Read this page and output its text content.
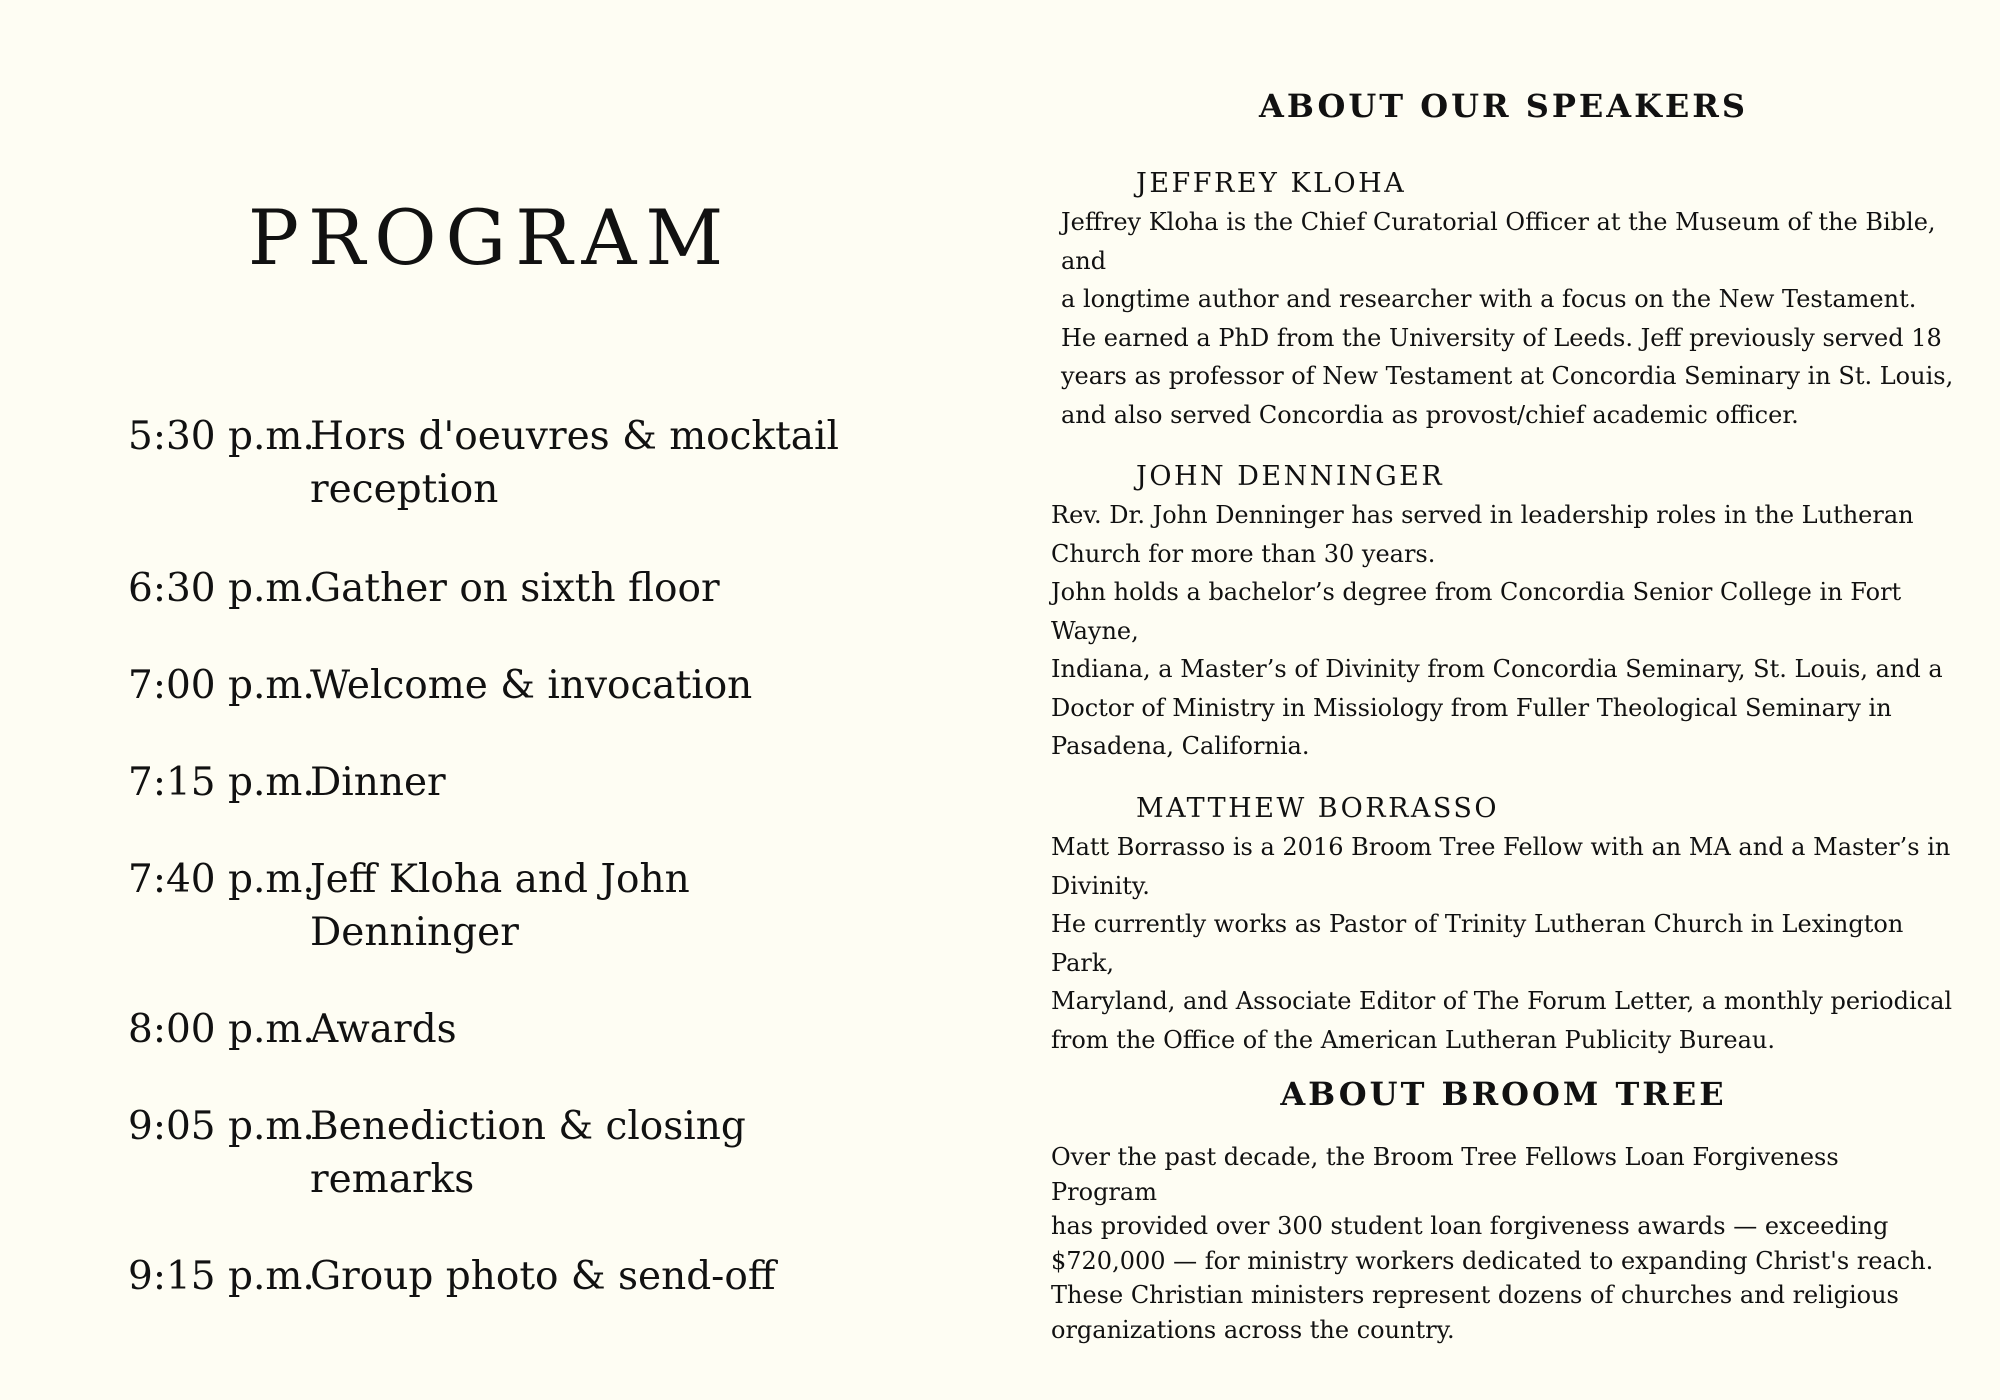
PROGRAM
5:30 p.m.
Hors d'oeuvres & mocktail reception
6:30 p.m.
Gather on sixth floor
7:00 p.m.
Welcome & invocation
7:15 p.m.
Dinner
7:40 p.m.
Jeff Kloha and John Denninger
8:00 p.m.
Awards
9:05 p.m.
Benediction & closing remarks
9:15 p.m.
Group photo & send-off
ABOUT OUR SPEAKERS
JEFFREY KLOHA

Jeffrey Kloha is the Chief Curatorial Officer at the Museum of the Bible, and

a longtime author and researcher with a focus on the New Testament.

He earned a PhD from the University of Leeds. Jeff previously served 18

years as professor of New Testament at Concordia Seminary in St. Louis,

and also served Concordia as provost/chief academic officer.

JOHN DENNINGER

Rev. Dr. John Denninger has served in leadership roles in the Lutheran

Church for more than 30 years.

John holds a bachelor’s degree from Concordia Senior College in Fort Wayne,

Indiana, a Master’s of Divinity from Concordia Seminary, St. Louis, and a

Doctor of Ministry in Missiology from Fuller Theological Seminary in

Pasadena, California.

MATTHEW BORRASSO

Matt Borrasso is a 2016 Broom Tree Fellow with an MA and a Master’s in

Divinity.

He currently works as Pastor of Trinity Lutheran Church in Lexington Park,

Maryland, and Associate Editor of The Forum Letter, a monthly periodical

from the Office of the American Lutheran Publicity Bureau.

ABOUT BROOM TREE

Over the past decade, the Broom Tree Fellows Loan Forgiveness Program

has provided over 300 student loan forgiveness awards — exceeding

$720,000 — for ministry workers dedicated to expanding Christ's reach.

These Christian ministers represent dozens of churches and religious

organizations across the country.
